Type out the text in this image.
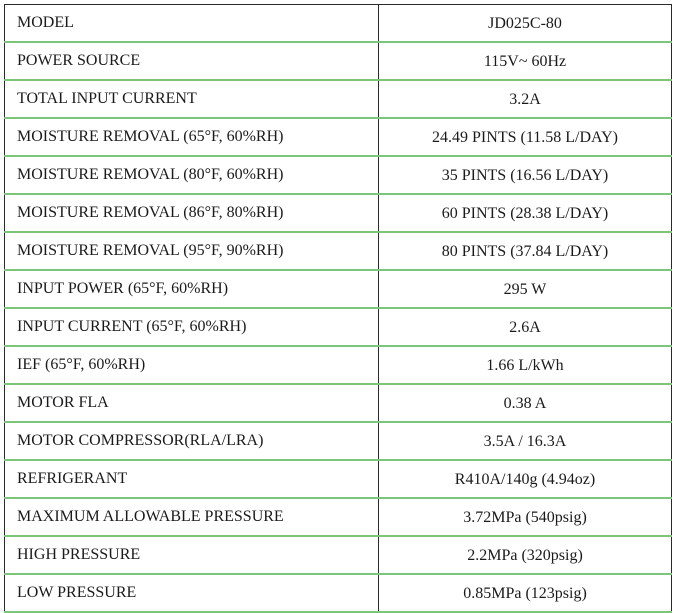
MODEL	JD025C-80
POWER SOURCE	115V~ 60Hz
TOTAL INPUT CURRENT	3.2A
MOISTURE REMOVAL (65°F, 60%RH)	24.49 PINTS (11.58 L/DAY)
MOISTURE REMOVAL (80°F, 60%RH)	35 PINTS (16.56 L/DAY)
MOISTURE REMOVAL (86°F, 80%RH)	60 PINTS (28.38 L/DAY)
MOISTURE REMOVAL (95°F, 90%RH)	80 PINTS (37.84 L/DAY)
INPUT POWER (65°F, 60%RH)	295 W
INPUT CURRENT (65°F, 60%RH)	2.6A
IEF (65°F, 60%RH)	1.66 L/kWh
MOTOR FLA	0.38 A
MOTOR COMPRESSOR(RLA/LRA)	3.5A / 16.3A
REFRIGERANT	R410A/140g (4.94oz)
MAXIMUM ALLOWABLE PRESSURE	3.72MPa (540psig)
HIGH PRESSURE	2.2MPa (320psig)
LOW PRESSURE	0.85MPa (123psig)
